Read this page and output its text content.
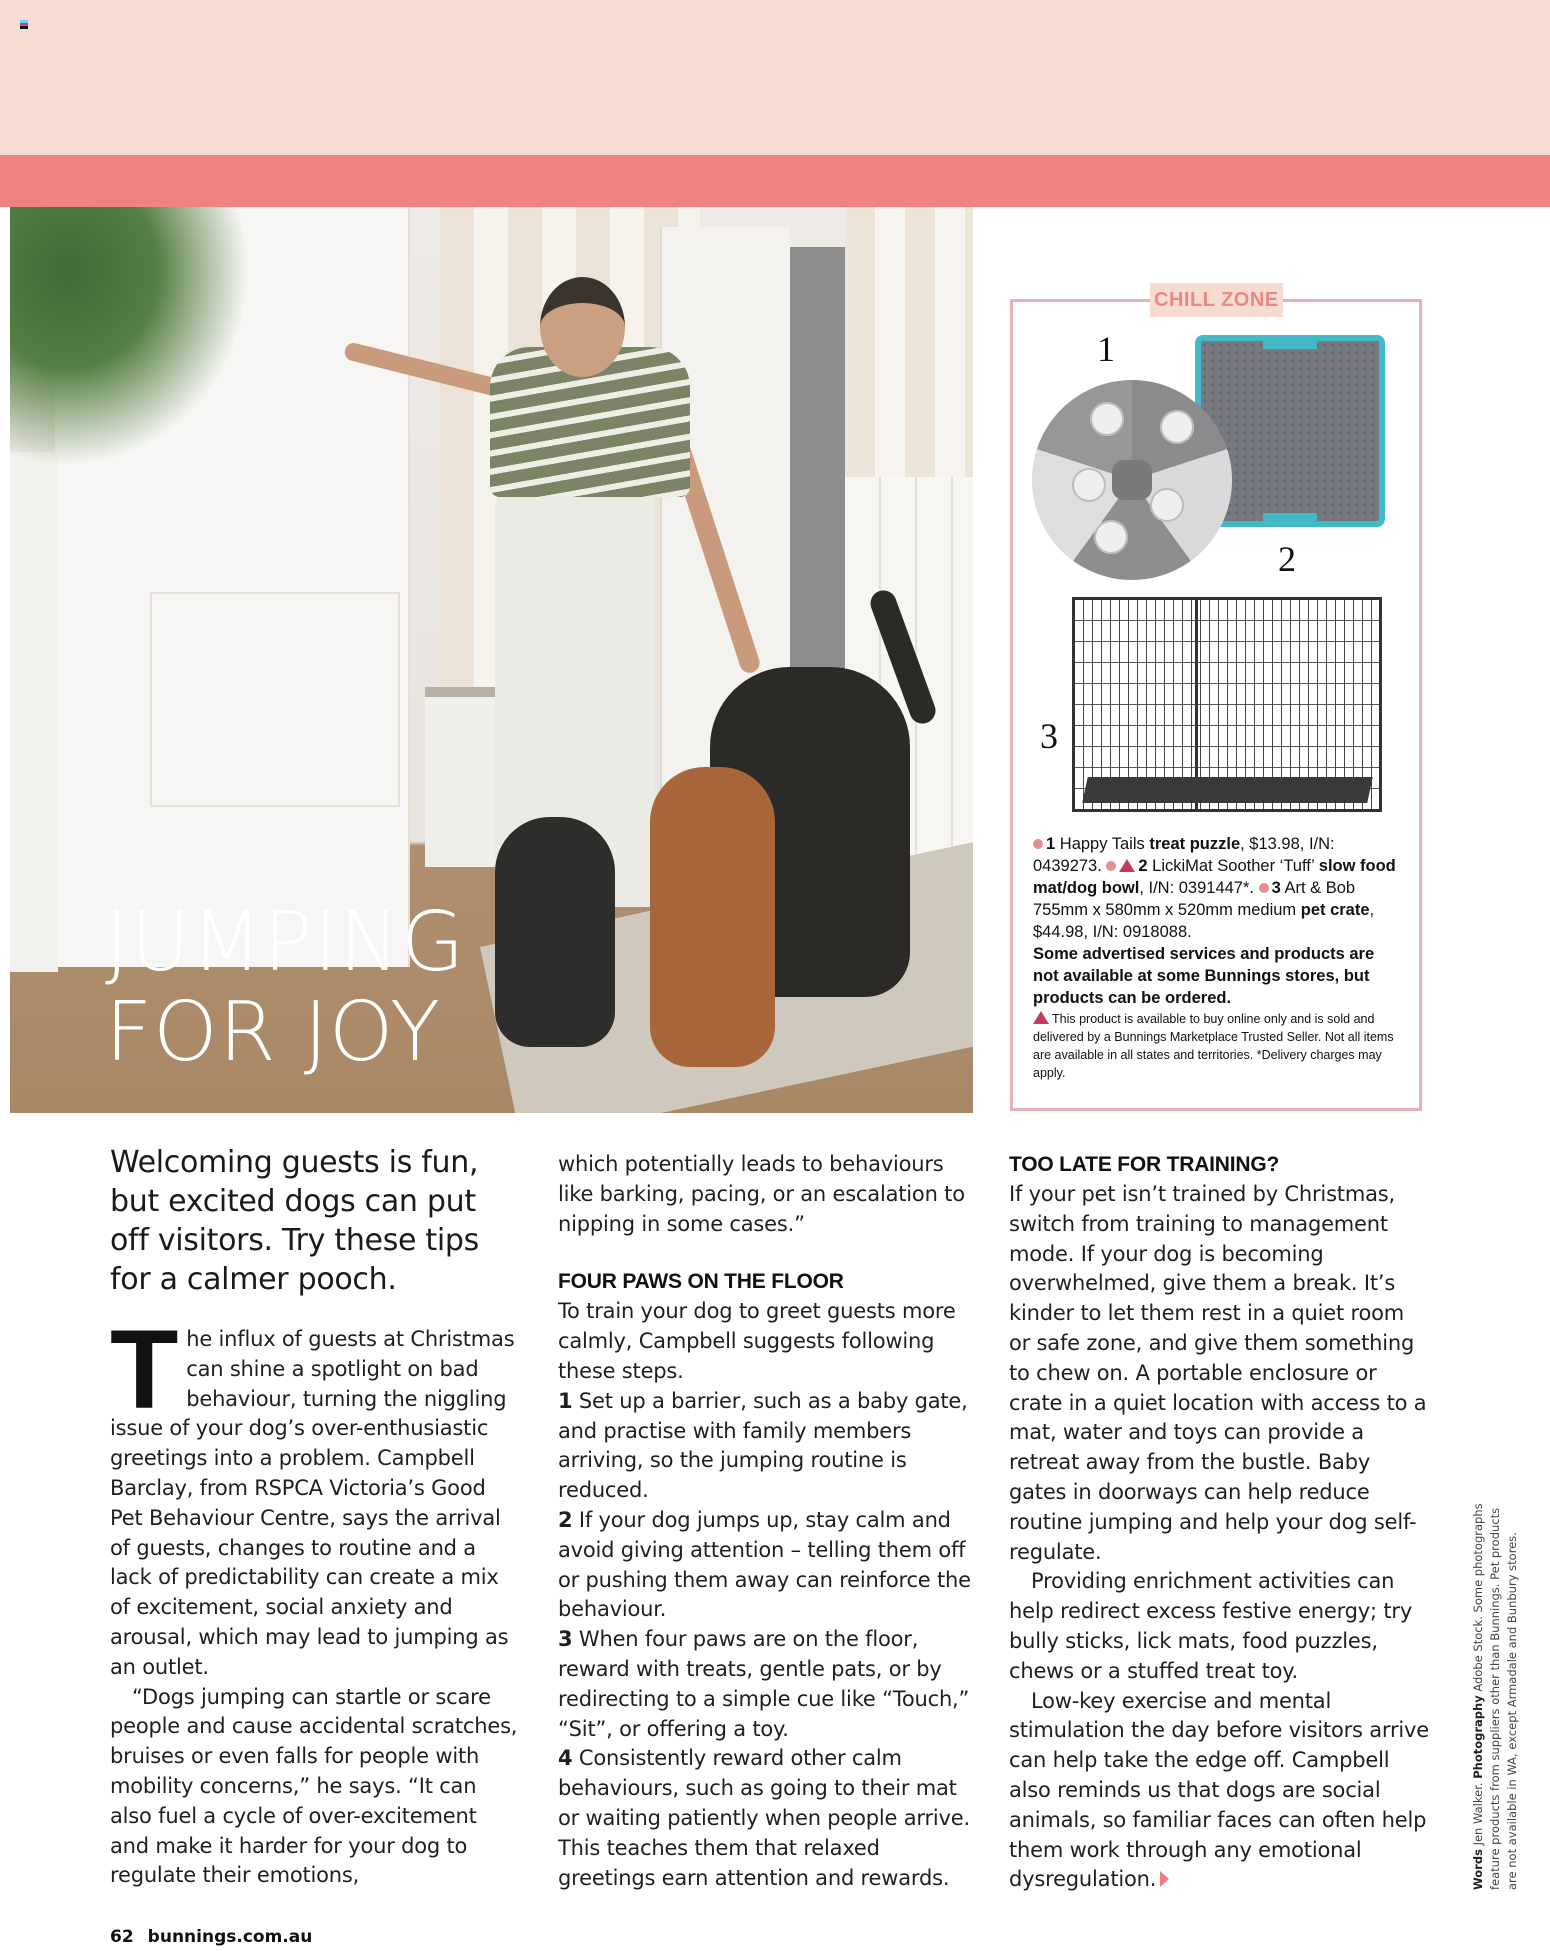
JUMPING
FOR JOY
CHILL ZONE
1
2
3
1 Happy Tails treat puzzle, $13.98, I/N: 0439273. 2 LickiMat Soother ‘Tuff’ slow food mat/dog bowl, I/N: 0391447*. 3 Art & Bob 755mm x 580mm x 520mm medium pet crate, $44.98, I/N: 0918088.
Some advertised services and products are not available at some Bunnings stores, but products can be ordered.
This product is available to buy online only and is sold and delivered by a Bunnings Marketplace Trusted Seller. Not all items are available in all states and territories. *Delivery charges may apply.
Welcoming guests is fun, but excited dogs can put off visitors. Try these tips for a calmer pooch.
The influx of guests at Christmas can shine a spotlight on bad behaviour, turning the niggling issue of your dog’s over-enthusiastic greetings into a problem. Campbell Barclay, from RSPCA Victoria’s Good Pet Behaviour Centre, says the arrival of guests, changes to routine and a lack of predictability can create a mix of excitement, social anxiety and arousal, which may lead to jumping as an outlet.
“Dogs jumping can startle or scare people and cause accidental scratches, bruises or even falls for people with mobility concerns,” he says. “It can also fuel a cycle of over-excitement and make it harder for your dog to regulate their emotions,
which potentially leads to behaviours like barking, pacing, or an escalation to nipping in some cases.”
FOUR PAWS ON THE FLOOR
To train your dog to greet guests more calmly, Campbell suggests following these steps.
1 Set up a barrier, such as a baby gate, and practise with family members arriving, so the jumping routine is reduced.
2 If your dog jumps up, stay calm and avoid giving attention – telling them off or pushing them away can reinforce the behaviour.
3 When four paws are on the floor, reward with treats, gentle pats, or by redirecting to a simple cue like “Touch,” “Sit”, or offering a toy.
4 Consistently reward other calm behaviours, such as going to their mat or waiting patiently when people arrive. This teaches them that relaxed greetings earn attention and rewards.
TOO LATE FOR TRAINING?
If your pet isn’t trained by Christmas, switch from training to management mode. If your dog is becoming overwhelmed, give them a break. It’s kinder to let them rest in a quiet room or safe zone, and give them something to chew on. A portable enclosure or crate in a quiet location with access to a mat, water and toys can provide a retreat away from the bustle. Baby gates in doorways can help reduce routine jumping and help your dog self-regulate.
Providing enrichment activities can help redirect excess festive energy; try bully sticks, lick mats, food puzzles, chews or a stuffed treat toy.
Low-key exercise and mental stimulation the day before visitors arrive can help take the edge off. Campbell also reminds us that dogs are social animals, so familiar faces can often help them work through any emotional dysregulation.	Words Jen Walker. Photography Adobe Stock. Some photographs feature products from suppliers other than Bunnings. Pet products are not available in WA, except Armadale and Bunbury stores.
62 bunnings.com.au
